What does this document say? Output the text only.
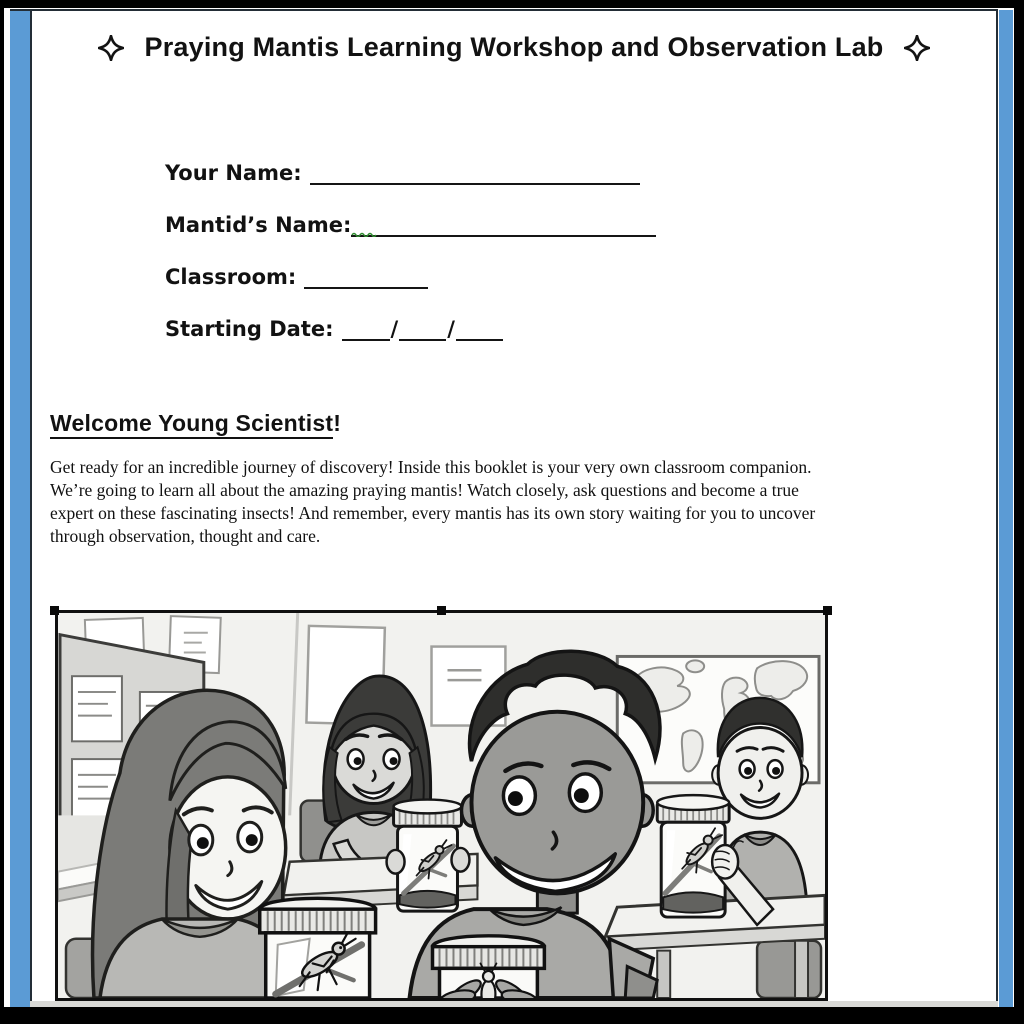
Praying Mantis Learning Workshop and Observation Lab
Your Name:
Mantid’s Name:
Classroom:
Starting Date:	/ /
Welcome Young Scientist!
Get ready for an incredible journey of discovery! Inside this booklet is your very own classroom companion.
We’re going to learn all about the amazing praying mantis! Watch closely, ask questions and become a true
expert on these fascinating insects! And remember, every mantis has its own story waiting for you to uncover
through observation, thought and care.
